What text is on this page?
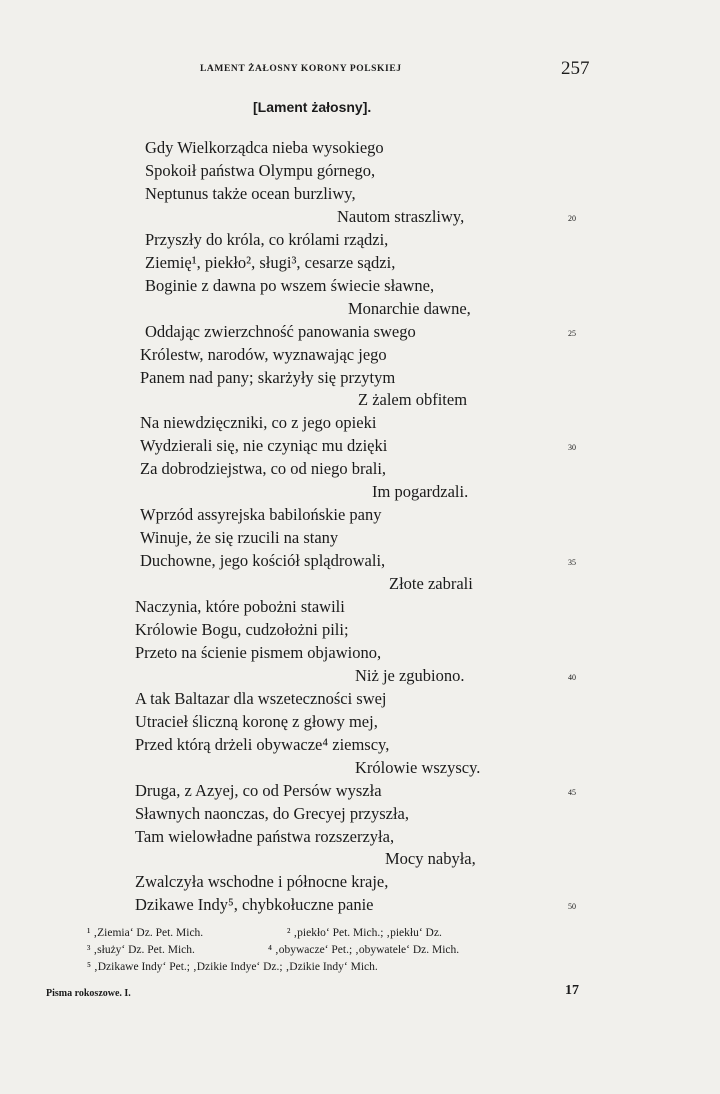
LAMENT ŻAŁOSNY KORONY POLSKIEJ	257
[Lament żałosny].
Gdy Wielkorządca nieba wysokiego
Spokoił państwa Olympu górnego,
Neptunus także ocean burzliwy,
Nautom straszliwy,
Przyszły do króla, co królami rządzi,
Ziemię¹, piekło², sługi³, cesarze sądzi,
Boginie z dawna po wszem świecie sławne,
Monarchie dawne,
Oddając zwierzchność panowania swego
Królestw, narodów, wyznawając jego
Panem nad pany; skarżyły się przytym
Z żalem obfitem
Na niewdzięczniki, co z jego opieki
Wydzierali się, nie czyniąc mu dzięki
Za dobrodziejstwa, co od niego brali,
Im pogardzali.
Wprzód assyrejska babilońskie pany
Winuje, że się rzucili na stany
Duchowne, jego kościół splądrowali,
Złote zabrali
Naczynia, które pobożni stawili
Królowie Bogu, cudzołożni pili;
Przeto na ścienie pismem objawiono,
Niż je zgubiono.
A tak Baltazar dla wszeteczności swej
Utracieł śliczną koronę z głowy mej,
Przed którą drżeli obywacze⁴ ziemscy,
Królowie wszyscy.
Druga, z Azyej, co od Persów wyszła
Sławnych naonczas, do Grecyej przyszła,
Tam wielowładne państwa rozszerzyła,
Mocy nabyła,
Zwalczyła wschodne i północne kraje,
Dzikawe Indy⁵, chybkołuczne panie
20
25
30
35
40
45
50
¹ ‚Ziemia‘ Dz. Pet. Mich.	² ‚piekło‘ Pet. Mich.; ‚piekłu‘ Dz.
³ ‚służy‘ Dz. Pet. Mich.	⁴ ‚obywacze‘ Pet.; ‚obywatele‘ Dz. Mich.
⁵ ‚Dzikawe Indy‘ Pet.; ‚Dzikie Indye‘ Dz.; ‚Dzikie Indy‘ Mich.
Pisma rokoszowe. I.	17
